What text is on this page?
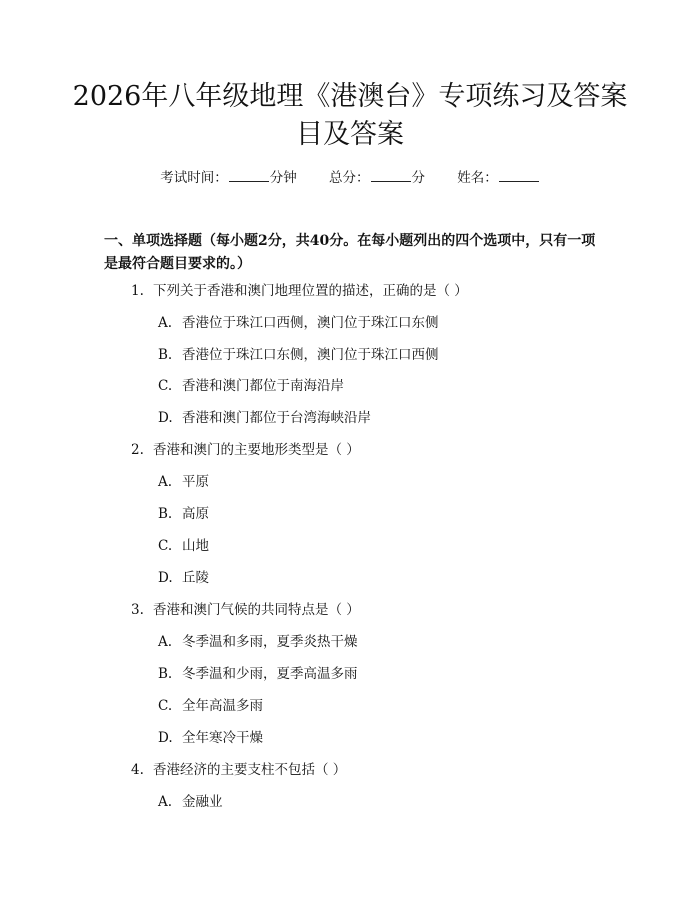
2026年八年级地理《港澳台》专项练习及答案目及答案
考试时间：	分钟 总分：	分 姓名：

一、单项选择题（每小题2分，共40分。在每小题列出的四个选项中，只有一项是最符合题目要求的。）

1. 下列关于香港和澳门地理位置的描述，正确的是（ ）

A. 香港位于珠江口西侧，澳门位于珠江口东侧

B. 香港位于珠江口东侧，澳门位于珠江口西侧

C. 香港和澳门都位于南海沿岸

D. 香港和澳门都位于台湾海峡沿岸

2. 香港和澳门的主要地形类型是（ ）

A. 平原

B. 高原

C. 山地

D. 丘陵

3. 香港和澳门气候的共同特点是（ ）

A. 冬季温和多雨，夏季炎热干燥

B. 冬季温和少雨，夏季高温多雨

C. 全年高温多雨

D. 全年寒冷干燥

4. 香港经济的主要支柱不包括（ ）

A. 金融业
